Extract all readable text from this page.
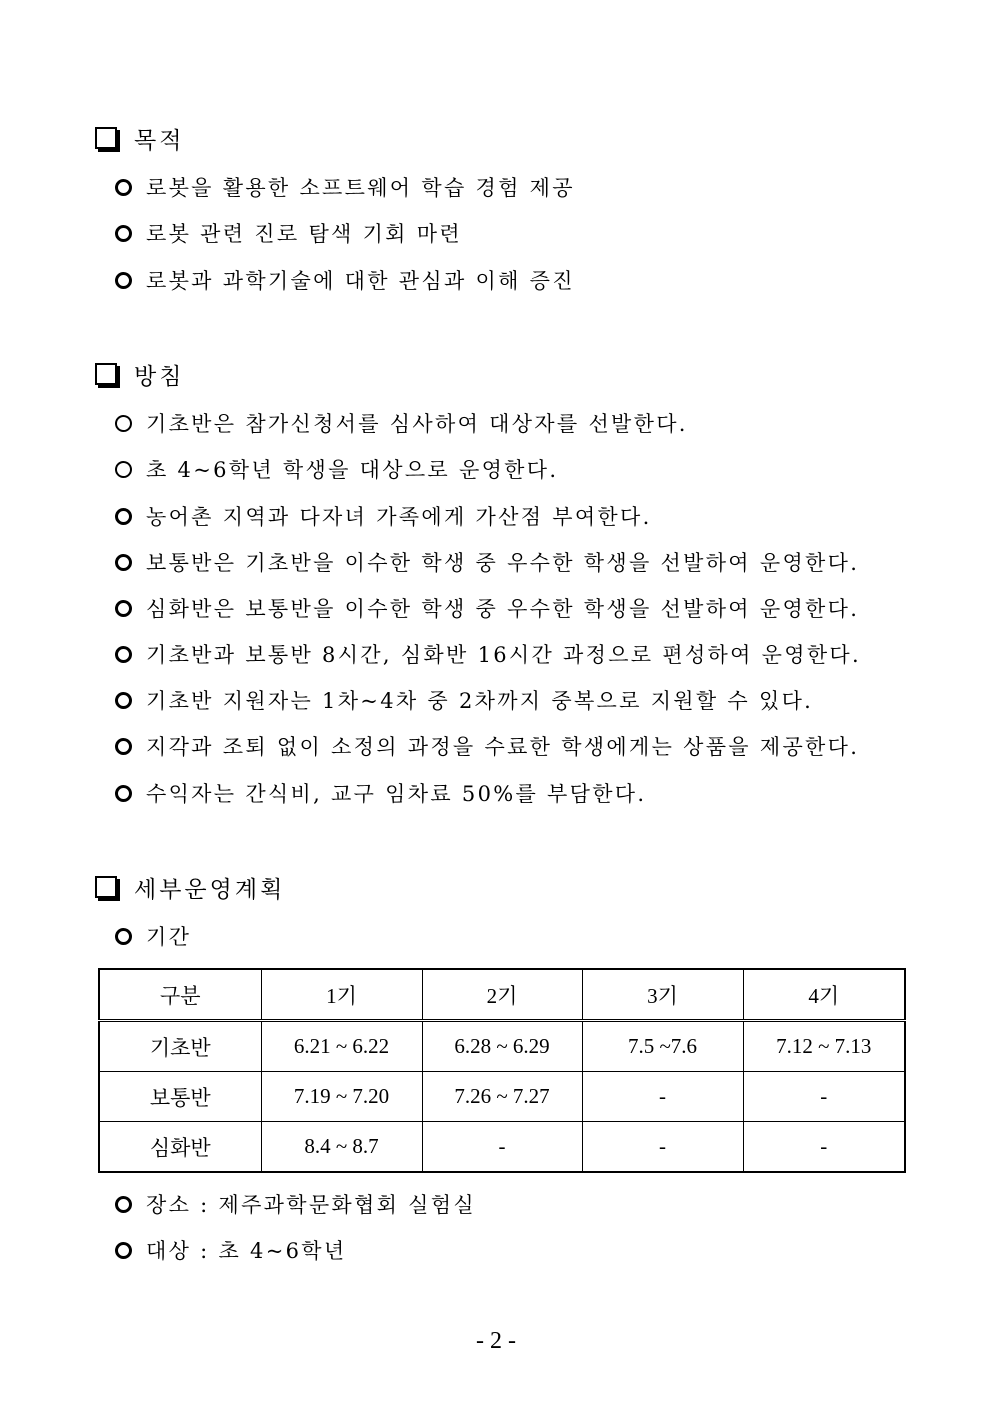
목적
로봇을 활용한 소프트웨어 학습 경험 제공
로봇 관련 진로 탐색 기회 마련
로봇과 과학기술에 대한 관심과 이해 증진
방침
기초반은 참가신청서를 심사하여 대상자를 선발한다.
초 4~6학년 학생을 대상으로 운영한다.
농어촌 지역과 다자녀 가족에게 가산점 부여한다.
보통반은 기초반을 이수한 학생 중 우수한 학생을 선발하여 운영한다.
심화반은 보통반을 이수한 학생 중 우수한 학생을 선발하여 운영한다.
기초반과 보통반 8시간, 심화반 16시간 과정으로 편성하여 운영한다.
기초반 지원자는 1차~4차 중 2차까지 중복으로 지원할 수 있다.
지각과 조퇴 없이 소정의 과정을 수료한 학생에게는 상품을 제공한다.
수익자는 간식비, 교구 임차료 50%를 부담한다.
세부운영계획
기간
구분	1기	2기	3기	4기
기초반	6.21 ~ 6.22	6.28 ~ 6.29	7.5 ~7.6	7.12 ~ 7.13
보통반	7.19 ~ 7.20	7.26 ~ 7.27	-	-
심화반	8.4 ~ 8.7	-	-	-
장소 : 제주과학문화협회 실험실
대상 : 초 4~6학년
- 2 -
